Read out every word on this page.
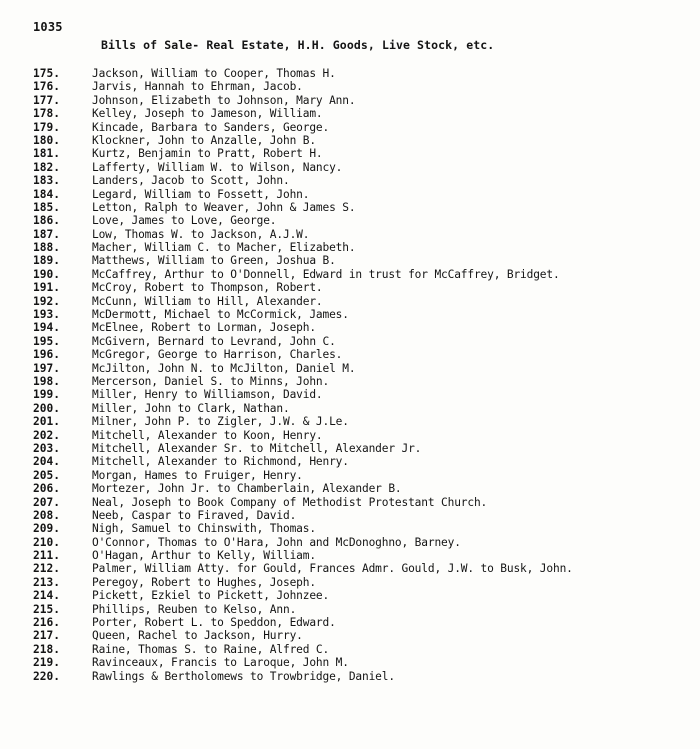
1035
Bills of Sale- Real Estate, H.H. Goods, Live Stock, etc.
175.	Jackson, William to Cooper, Thomas H.
176.	Jarvis, Hannah to Ehrman, Jacob.
177.	Johnson, Elizabeth to Johnson, Mary Ann.
178.	Kelley, Joseph to Jameson, William.
179.	Kincade, Barbara to Sanders, George.
180.	Klockner, John to Anzalle, John B.
181.	Kurtz, Benjamin to Pratt, Robert H.
182.	Lafferty, William W. to Wilson, Nancy.
183.	Landers, Jacob to Scott, John.
184.	Legard, William to Fossett, John.
185.	Letton, Ralph to Weaver, John & James S.
186.	Love, James to Love, George.
187.	Low, Thomas W. to Jackson, A.J.W.
188.	Macher, William C. to Macher, Elizabeth.
189.	Matthews, William to Green, Joshua B.
190.	McCaffrey, Arthur to O'Donnell, Edward in trust for McCaffrey, Bridget.
191.	McCroy, Robert to Thompson, Robert.
192.	McCunn, William to Hill, Alexander.
193.	McDermott, Michael to McCormick, James.
194.	McElnee, Robert to Lorman, Joseph.
195.	McGivern, Bernard to Levrand, John C.
196.	McGregor, George to Harrison, Charles.
197.	McJilton, John N. to McJilton, Daniel M.
198.	Mercerson, Daniel S. to Minns, John.
199.	Miller, Henry to Williamson, David.
200.	Miller, John to Clark, Nathan.
201.	Milner, John P. to Zigler, J.W. & J.Le.
202.	Mitchell, Alexander to Koon, Henry.
203.	Mitchell, Alexander Sr. to Mitchell, Alexander Jr.
204.	Mitchell, Alexander to Richmond, Henry.
205.	Morgan, Hames to Fruiger, Henry.
206.	Mortezer, John Jr. to Chamberlain, Alexander B.
207.	Neal, Joseph to Book Company of Methodist Protestant Church.
208.	Neeb, Caspar to Firaved, David.
209.	Nigh, Samuel to Chinswith, Thomas.
210.	O'Connor, Thomas to O'Hara, John and McDonoghno, Barney.
211.	O'Hagan, Arthur to Kelly, William.
212.	Palmer, William Atty. for Gould, Frances Admr. Gould, J.W. to Busk, John.
213.	Peregoy, Robert to Hughes, Joseph.
214.	Pickett, Ezkiel to Pickett, Johnzee.
215.	Phillips, Reuben to Kelso, Ann.
216.	Porter, Robert L. to Speddon, Edward.
217.	Queen, Rachel to Jackson, Hurry.
218.	Raine, Thomas S. to Raine, Alfred C.
219.	Ravinceaux, Francis to Laroque, John M.
220.	Rawlings & Bertholomews to Trowbridge, Daniel.
